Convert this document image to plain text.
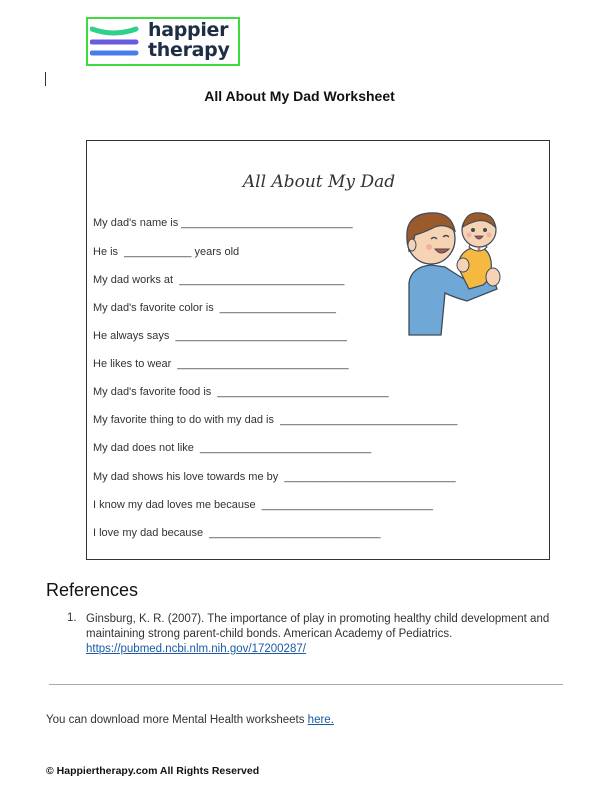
happier
therapy
All About My Dad Worksheet
All About My Dad
My dad's name is ____________________________
He is  ___________ years old
My dad works at  ___________________________
My dad's favorite color is  ___________________
He always says  ____________________________
He likes to wear  ____________________________
My dad's favorite food is  ____________________________
My favorite thing to do with my dad is  _____________________________
My dad does not like  ____________________________
My dad shows his love towards me by  ____________________________
I know my dad loves me because  ____________________________
I love my dad because  ____________________________
References
1. Ginsburg, K. R. (2007). The importance of play in promoting healthy child development and maintaining strong parent-child bonds. American Academy of Pediatrics.
https://pubmed.ncbi.nlm.nih.gov/17200287/
You can download more Mental Health worksheets here.
© Happiertherapy.com All Rights Reserved
